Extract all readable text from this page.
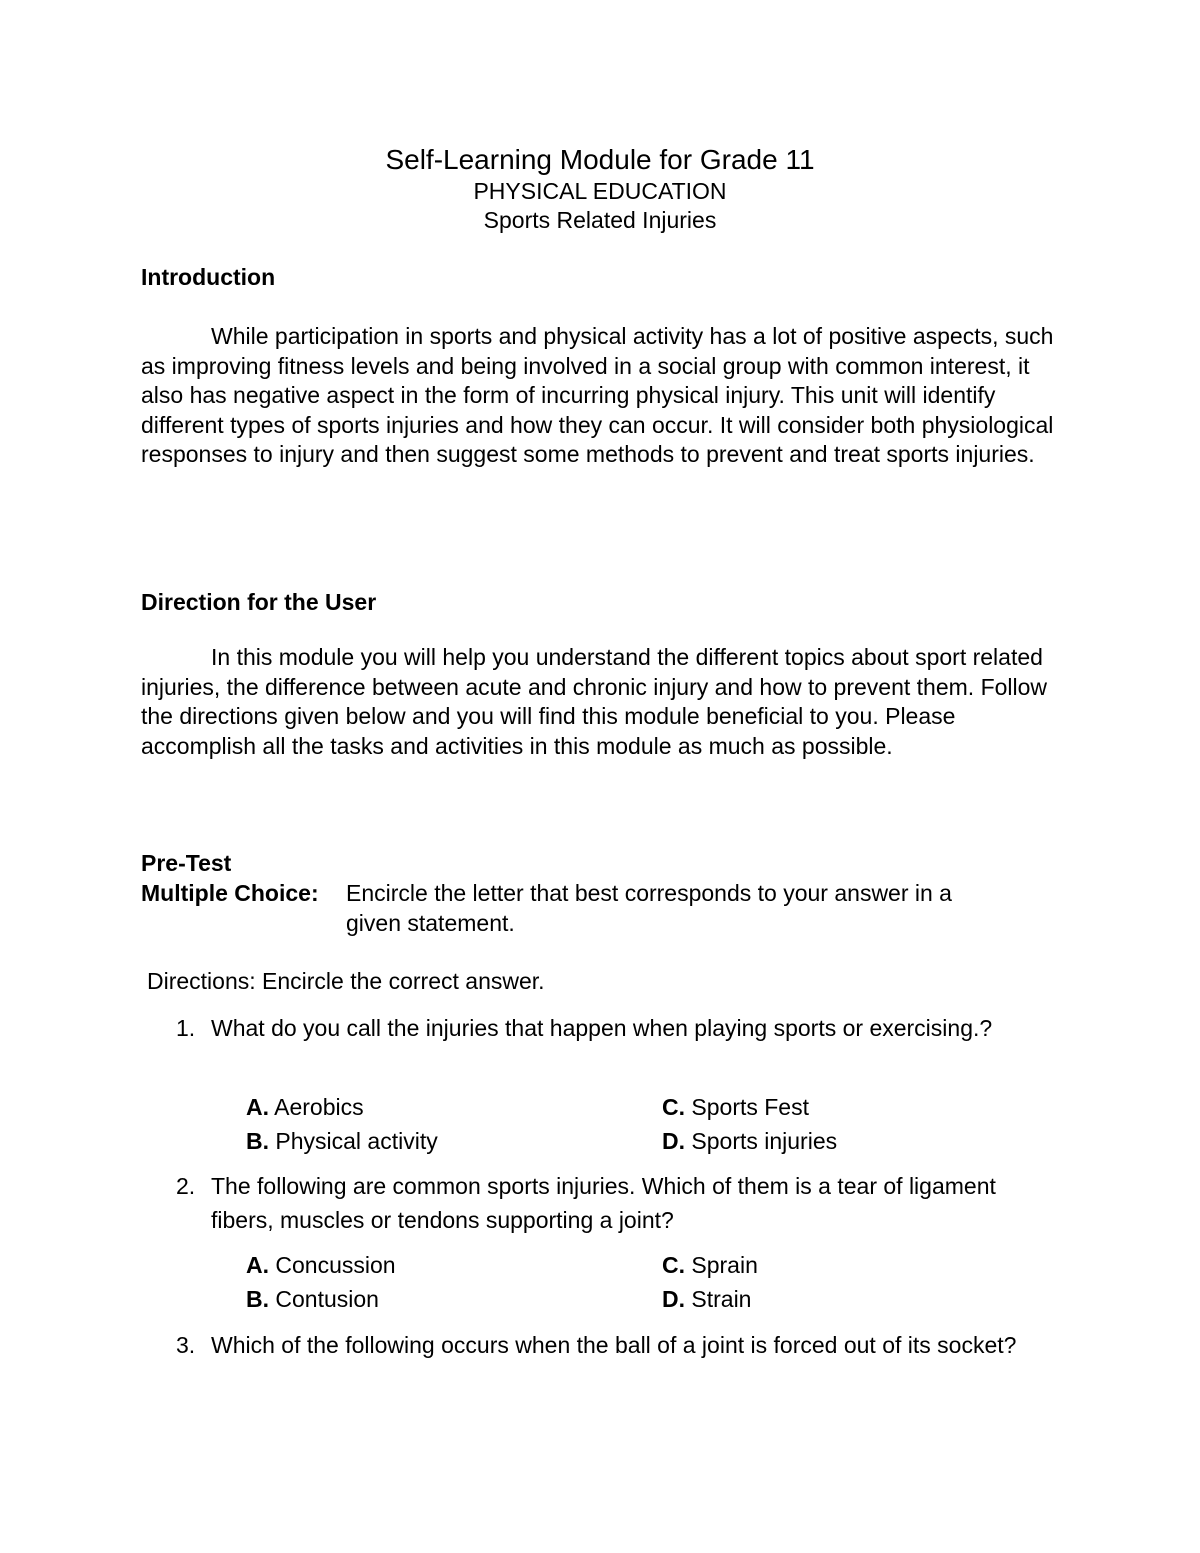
Self-Learning Module for Grade 11
PHYSICAL EDUCATION
Sports Related Injuries
Introduction

While participation in sports and physical activity has a lot of positive aspects, such as improving fitness levels and being involved in a social group with common interest, it also has negative aspect in the form of incurring physical injury. This unit will identify different types of sports injuries and how they can occur. It will consider both physiological responses to injury and then suggest some methods to prevent and treat sports injuries.

Direction for the User

In this module you will help you understand the different topics about sport related injuries, the difference between acute and chronic injury and how to prevent them. Follow the directions given below and you will find this module beneficial to you. Please accomplish all the tasks and activities in this module as much as possible.

Pre-Test
Multiple Choice: Encircle the letter that best corresponds to your answer in a
given statement.
Directions: Encircle the correct answer.
1. What do you call the injuries that happen when playing sports or exercising.?

A. Aerobics
B. Physical activity
C. Sports Fest
D. Sports injuries
2. The following are common sports injuries. Which of them is a tear of ligament fibers, muscles or tendons supporting a joint?

A. Concussion
B. Contusion
C. Sprain
D. Strain
3. Which of the following occurs when the ball of a joint is forced out of its socket?
